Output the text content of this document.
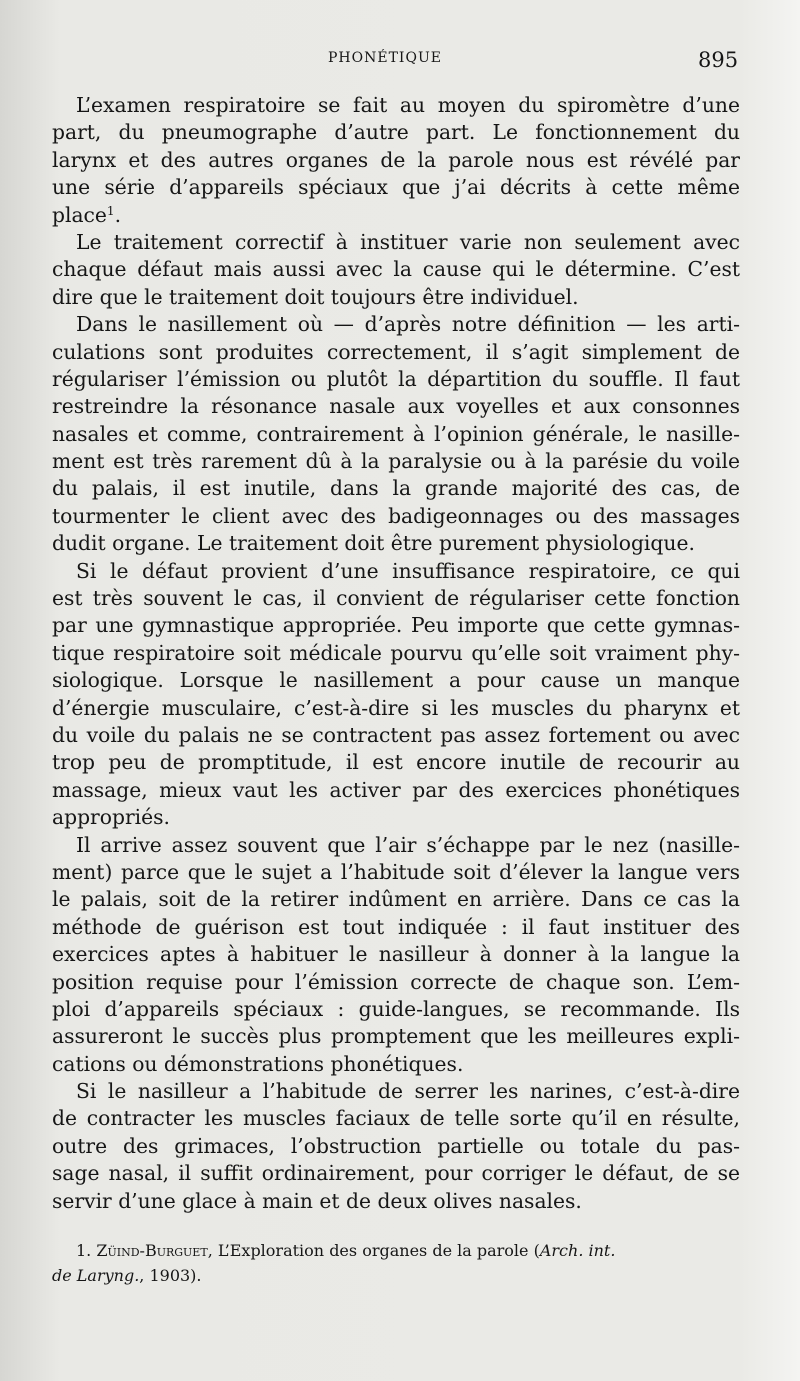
PHONÉTIQUE	895
L’examen respiratoire se fait au moyen du spiromètre d’une
part, du pneumographe d’autre part. Le fonctionnement du
larynx et des autres organes de la parole nous est révélé par
une série d’appareils spéciaux que j’ai décrits à cette même
place$^1$.
Le traitement correctif à instituer varie non seulement avec
chaque défaut mais aussi avec la cause qui le détermine. C’est
dire que le traitement doit toujours être individuel.
Dans le nasillement où — d’après notre définition — les arti-
culations sont produites correctement, il s’agit simplement de
régulariser l’émission ou plutôt la départition du souffle. Il faut
restreindre la résonance nasale aux voyelles et aux consonnes
nasales et comme, contrairement à l’opinion générale, le nasille-
ment est très rarement dû à la paralysie ou à la parésie du voile
du palais, il est inutile, dans la grande majorité des cas, de
tourmenter le client avec des badigeonnages ou des massages
dudit organe. Le traitement doit être purement physiologique.
Si le défaut provient d’une insuffisance respiratoire, ce qui
est très souvent le cas, il convient de régulariser cette fonction
par une gymnastique appropriée. Peu importe que cette gymnas-
tique respiratoire soit médicale pourvu qu’elle soit vraiment phy-
siologique. Lorsque le nasillement a pour cause un manque
d’énergie musculaire, c’est-à-dire si les muscles du pharynx et
du voile du palais ne se contractent pas assez fortement ou avec
trop peu de promptitude, il est encore inutile de recourir au
massage, mieux vaut les activer par des exercices phonétiques
appropriés.
Il arrive assez souvent que l’air s’échappe par le nez (nasille-
ment) parce que le sujet a l’habitude soit d’élever la langue vers
le palais, soit de la retirer indûment en arrière. Dans ce cas la
méthode de guérison est tout indiquée : il faut instituer des
exercices aptes à habituer le nasilleur à donner à la langue la
position requise pour l’émission correcte de chaque son. L’em-
ploi d’appareils spéciaux : guide-langues, se recommande. Ils
assureront le succès plus promptement que les meilleures expli-
cations ou démonstrations phonétiques.
Si le nasilleur a l’habitude de serrer les narines, c’est-à-dire
de contracter les muscles faciaux de telle sorte qu’il en résulte,
outre des grimaces, l’obstruction partielle ou totale du pas-
sage nasal, il suffit ordinairement, pour corriger le défaut, de se
servir d’une glace à main et de deux olives nasales.
1. Züind-Burguet, L’Exploration des organes de la parole (Arch. int.
de Laryng., 1903).
